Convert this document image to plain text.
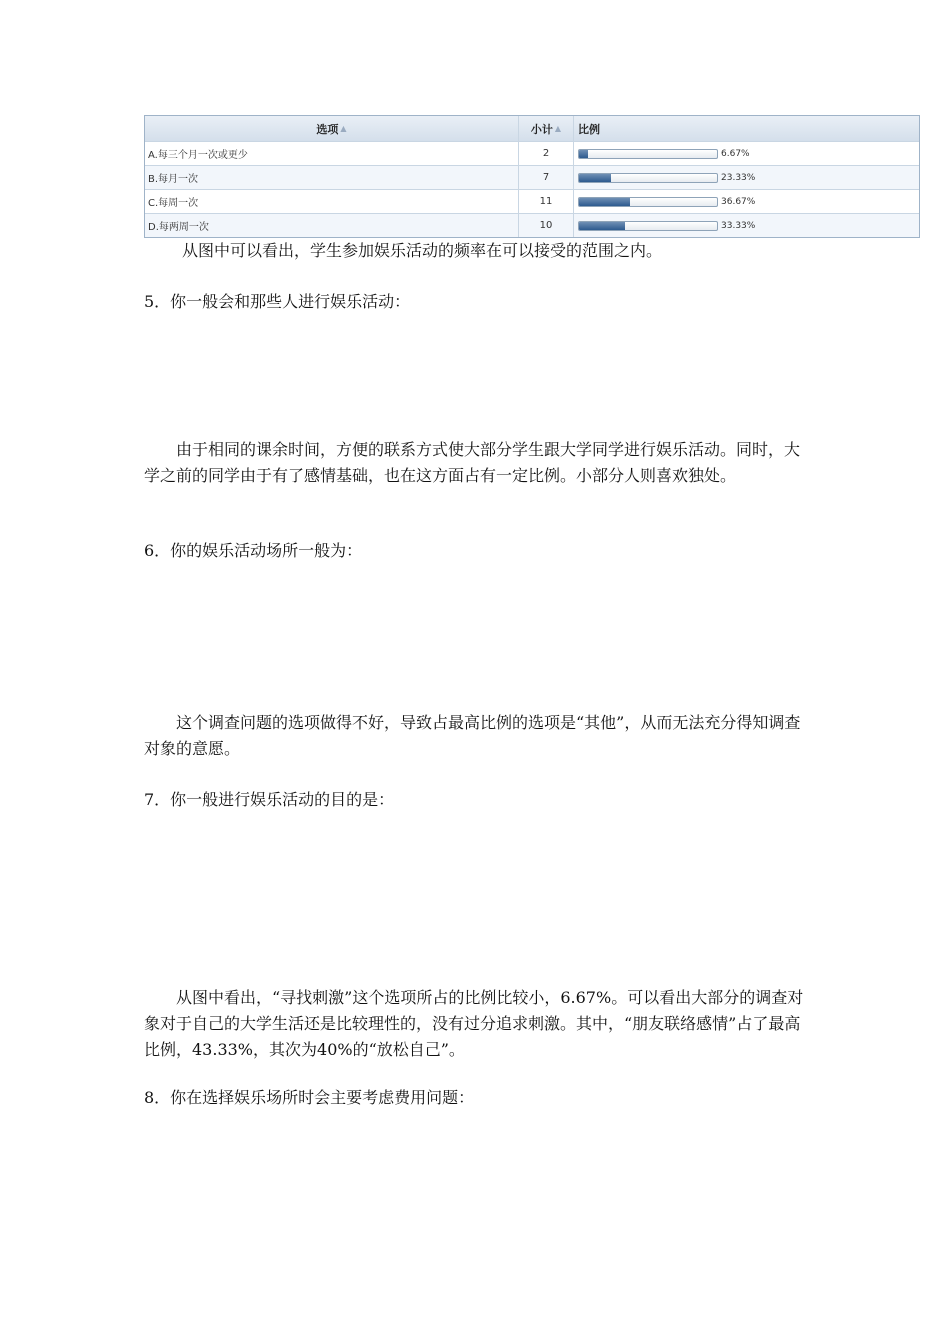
选项 ▲	小计 ▲ 比例
A.每三个月一次或更少	2	6.67%
B.每月一次	7	23.33%
C.每周一次	11	36.67%
D.每两周一次	10	33.33%

从图中可以看出，学生参加娱乐活动的频率在可以接受的范围之内。

5．你一般会和那些人进行娱乐活动：

由于相同的课余时间，方便的联系方式使大部分学生跟大学同学进行娱乐活动。同时，大学之前的同学由于有了感情基础，也在这方面占有一定比例。小部分人则喜欢独处。

6．你的娱乐活动场所一般为：

这个调查问题的选项做得不好，导致占最高比例的选项是“其他”，从而无法充分得知调查对象的意愿。

7．你一般进行娱乐活动的目的是：

从图中看出，“寻找刺激”这个选项所占的比例比较小，6.67%。可以看出大部分的调查对象对于自己的大学生活还是比较理性的，没有过分追求刺激。其中，“朋友联络感情”占了最高比例，43.33%，其次为40%的“放松自己”。

8．你在选择娱乐场所时会主要考虑费用问题：
